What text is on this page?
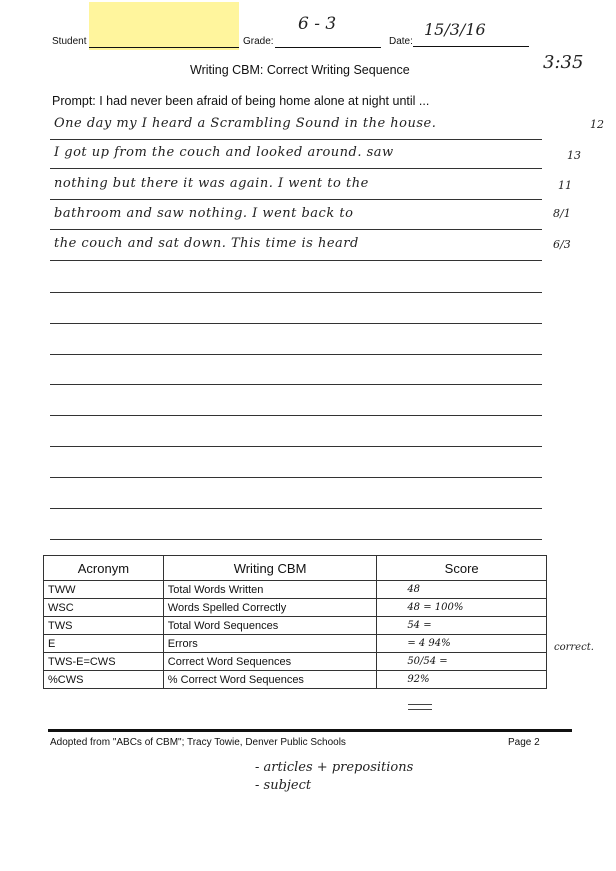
Student	Grade:
6 - 3
Date:
15/3/16
3:35
Writing CBM: Correct Writing Sequence
Prompt: I had never been afraid of being home alone at night until ...
One day my I heard a Scrambling Sound in the house.	12
I got up from the couch and looked around. saw	13
nothing but there it was again. I went to the	11
bathroom and saw nothing. I went back to	8/1
the couch and sat down. This time is heard	6/3
Acronym	Writing CBM	Score
TWW	Total Words Written	48
WSC	Words Spelled Correctly	48 = 100%
TWS	Total Word Sequences	54 =
E	Errors	= 4 94%
TWS-E=CWS	Correct Word Sequences	50/54 =
%CWS	% Correct Word Sequences	92%
correct.
Adopted from "ABCs of CBM"; Tracy Towie, Denver Public Schools	Page 2
- articles + prepositions
- subject
